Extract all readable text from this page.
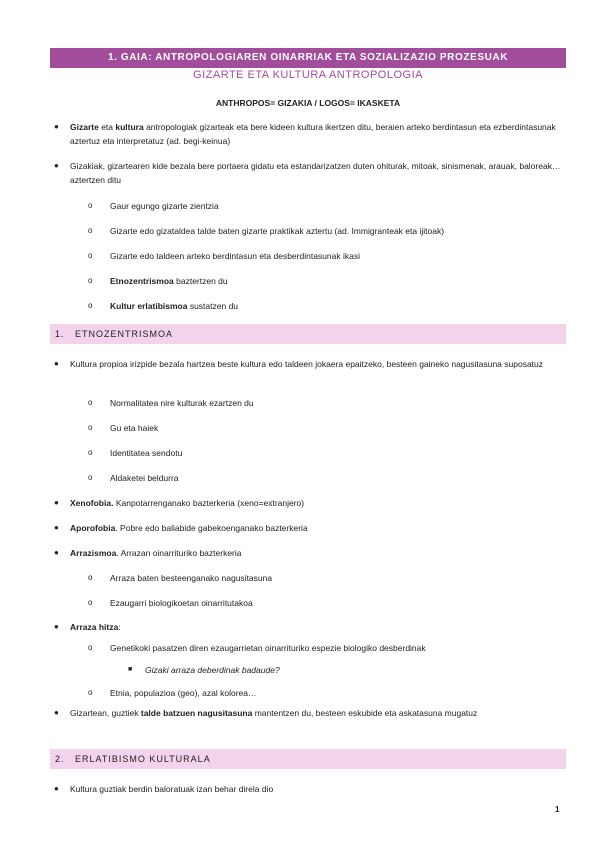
1. GAIA: ANTROPOLOGIAREN OINARRIAK ETA SOZIALIZAZIO PROZESUAK
GIZARTE ETA KULTURA ANTROPOLOGIA
ANTHROPOS= GIZAKIA / LOGOS= IKASKETA
● Gizarte eta kultura antropologiak gizarteak eta bere kideen kultura ikertzen ditu, beraien arteko berdintasun eta ezberdintasunak aztertuz eta interpretatuz (ad. begi-keinua)
● Gizakiak, gizartearen kide bezala bere portaera gidatu eta estandarizatzen duten ohiturak, mitoak, sinismenak, arauak, baloreak… aztertzen ditu
o Gaur egungo gizarte zientzia
o Gizarte edo gizataldea talde baten gizarte praktikak aztertu (ad. Immigranteak eta ijitoak)
o Gizarte edo taldeen arteko berdintasun eta desberdintasunak ikasi
o Etnozentrismoa baztertzen du
o Kultur erlatibismoa sustatzen du
1. ETNOZENTRISMOA
● Kultura propioa irizpide bezala hartzea beste kultura edo taldeen jokaera epaitzeko, besteen gaineko nagusitasuna suposatuz
o Normalitatea nire kulturak ezartzen du
o Gu eta haiek
o Identitatea sendotu
o Aldaketei beldurra
● Xenofobia. Kanpotarrenganako bazterkeria (xeno=extranjero)
● Aporofobia. Pobre edo baliabide gabekoenganako bazterkeria
● Arrazismoa. Arrazan oinarrituriko bazterkeria
o Arraza baten besteenganako nagusitasuna
o Ezaugarri biologikoetan oinarritutakoa
● Arraza hitza:
o Genetikoki pasatzen diren ezaugarrietan oinarrituriko espezie biologiko desberdinak
■ Gizaki arraza deberdinak badaude?
o Etnia, populazioa (geo), azal kolorea…
● Gizartean, guztiek talde batzuen nagusitasuna mantentzen du, besteen eskubide eta askatasuna mugatuz
2. ERLATIBISMO KULTURALA
● Kultura guztiak berdin baloratuak izan behar direla dio
1
